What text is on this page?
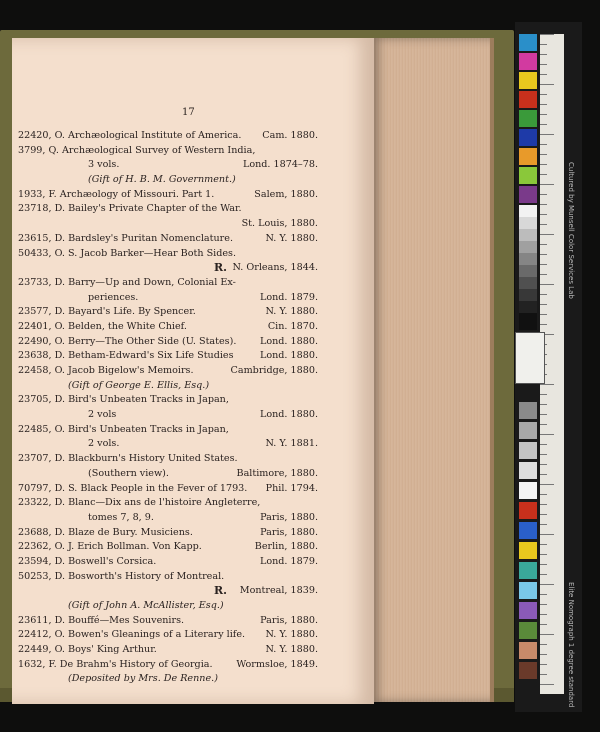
17
22420, O. Archæological Institute of America. Cam. 1880.
3799, Q. Archæological Survey of Western India,
3 vols.	Lond. 1874–78.
(Gift of H. B. M. Government.)
1933, F. Archæology of Missouri. Part 1.	Salem, 1880.
23718, D. Bailey's Private Chapter of the War.
St. Louis, 1880.
23615, D. Bardsley's Puritan Nomenclature.	N. Y. 1880.
50433, O. S. Jacob Barker—Hear Both Sides.
R. N. Orleans, 1844.
23733, D. Barry—Up and Down, Colonial Ex-
periences.	Lond. 1879.
23577, D. Bayard's Life. By Spencer.	N. Y. 1880.
22401, O. Belden, the White Chief.	Cin. 1870.
22490, O. Berry—The Other Side (U. States). Lond. 1880.
23638, D. Betham-Edward's Six Life Studies	Lond. 1880.
22458, O. Jacob Bigelow's Memoirs.	Cambridge, 1880.
(Gift of George E. Ellis, Esq.)
23705, D. Bird's Unbeaten Tracks in Japan,
2 vols	Lond. 1880.
22485, O. Bird's Unbeaten Tracks in Japan,
2 vols.	N. Y. 1881.
23707, D. Blackburn's History United States.
(Southern view).	Baltimore, 1880.
70797, D. S. Black People in the Fever of 1793. Phil. 1794.
23322, D. Blanc—Dix ans de l'histoire Angleterre,
tomes 7, 8, 9.	Paris, 1880.
23688, D. Blaze de Bury. Musiciens.	Paris, 1880.
22362, O. J. Erich Bollman. Von Kapp.	Berlin, 1880.
23594, D. Boswell's Corsica.	Lond. 1879.
50253, D. Bosworth's History of Montreal.
R. Montreal, 1839.
(Gift of John A. McAllister, Esq.)
23611, D. Bouffé—Mes Souvenirs.	Paris, 1880.
22412, O. Bowen's Gleanings of a Literary life. N. Y. 1880.
22449, O. Boys' King Arthur.	N. Y. 1880.
1632, F. De Brahm's History of Georgia. Wormsloe, 1849.
(Deposited by Mrs. De Renne.)
Cultured by Munsell Color Services Lab
Elite Nomograph 1 degree standard
